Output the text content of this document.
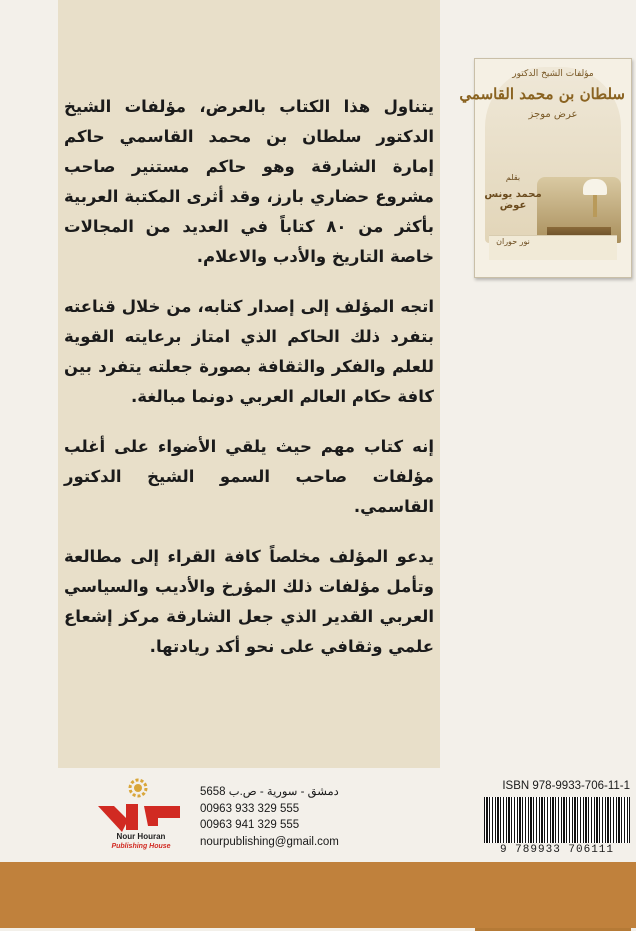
يتناول هذا الكتاب بالعرض، مؤلفات الشيخ الدكتور سلطان بن محمد القاسمي حاكم إمارة الشارقة وهو حاكم مستنير صاحب مشروع حضاري بارز، وقد أثرى المكتبة العربية بأكثر من ٨٠ كتاباً في العديد من المجالات خاصة التاريخ والأدب والاعلام.

اتجه المؤلف إلى إصدار كتابه، من خلال قناعته بتفرد ذلك الحاكم الذي امتاز برعايته القوية للعلم والفكر والثقافة بصورة جعلته يتفرد بين كافة حكام العالم العربي دونما مبالغة.

إنه كتاب مهم حيث يلقي الأضواء على أغلب مؤلفات صاحب السمو الشيخ الدكتور القاسمي.

يدعو المؤلف مخلصاً كافة القراء إلى مطالعة وتأمل مؤلفات ذلك المؤرخ والأديب والسياسي العربي القدير الذي جعل الشارقة مركز إشعاع علمي وثقافي على نحو أكد ريادتها.

مؤلفات الشيخ الدكتور
سلطان بن محمد القاسمي
عرض موجز
بقلم
محمد يونس عوض
نور حوران
Nour Houran
Publishing House
دمشق - سورية - ص.ب 5658
00963 933 329 555
00963 941 329 555
nourpublishing@gmail.com
ISBN 978-9933-706-11-1
9 789933 706111
